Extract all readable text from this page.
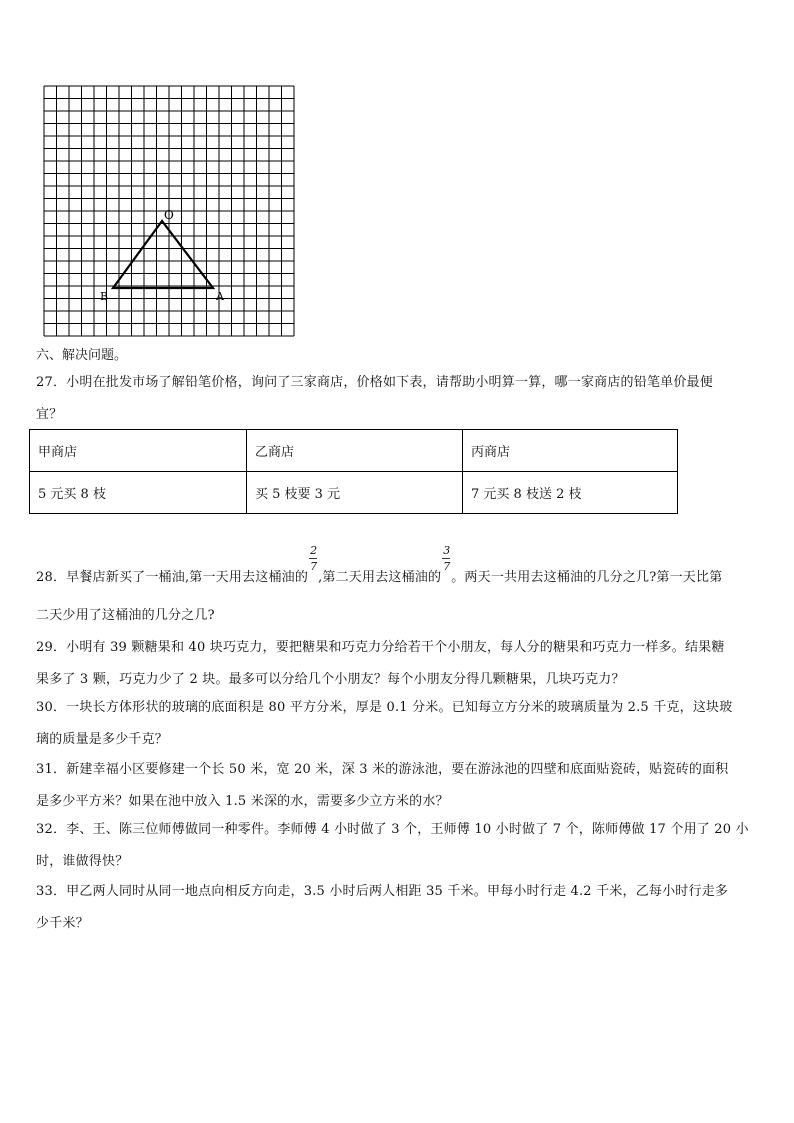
O
B	A
六、解决问题。

27．小明在批发市场了解铅笔价格，询问了三家商店，价格如下表，请帮助小明算一算，哪一家商店的铅笔单价最便

宜？

甲商店	乙商店	丙商店
5 元买 8 枝	买 5 枝要 3 元	7 元买 8 枝送 2 枝

28．早餐店新买了一桶油,第一天用去这桶油的 $\frac{2}{7}$ ,第二天用去这桶油的 $\frac{3}{7}$ 。两天一共用去这桶油的几分之几?第一天比第

二天少用了这桶油的几分之几?

29．小明有 39 颗糖果和 40 块巧克力，要把糖果和巧克力分给若干个小朋友，每人分的糖果和巧克力一样多。结果糖

果多了 3 颗，巧克力少了 2 块。最多可以分给几个小朋友？每个小朋友分得几颗糖果，几块巧克力？

30．一块长方体形状的玻璃的底面积是 80 平方分米，厚是 0.1 分米。已知每立方分米的玻璃质量为 2.5 千克，这块玻

璃的质量是多少千克？

31．新建幸福小区要修建一个长 50 米，宽 20 米，深 3 米的游泳池，要在游泳池的四壁和底面贴瓷砖，贴瓷砖的面积

是多少平方米？如果在池中放入 1.5 米深的水，需要多少立方米的水？

32．李、王、陈三位师傅做同一种零件。李师傅 4 小时做了 3 个，王师傅 10 小时做了 7 个，陈师傅做 17 个用了 20 小

时，谁做得快？

33．甲乙两人同时从同一地点向相反方向走，3.5 小时后两人相距 35 千米。甲每小时行走 4.2 千米，乙每小时行走多

少千米？
